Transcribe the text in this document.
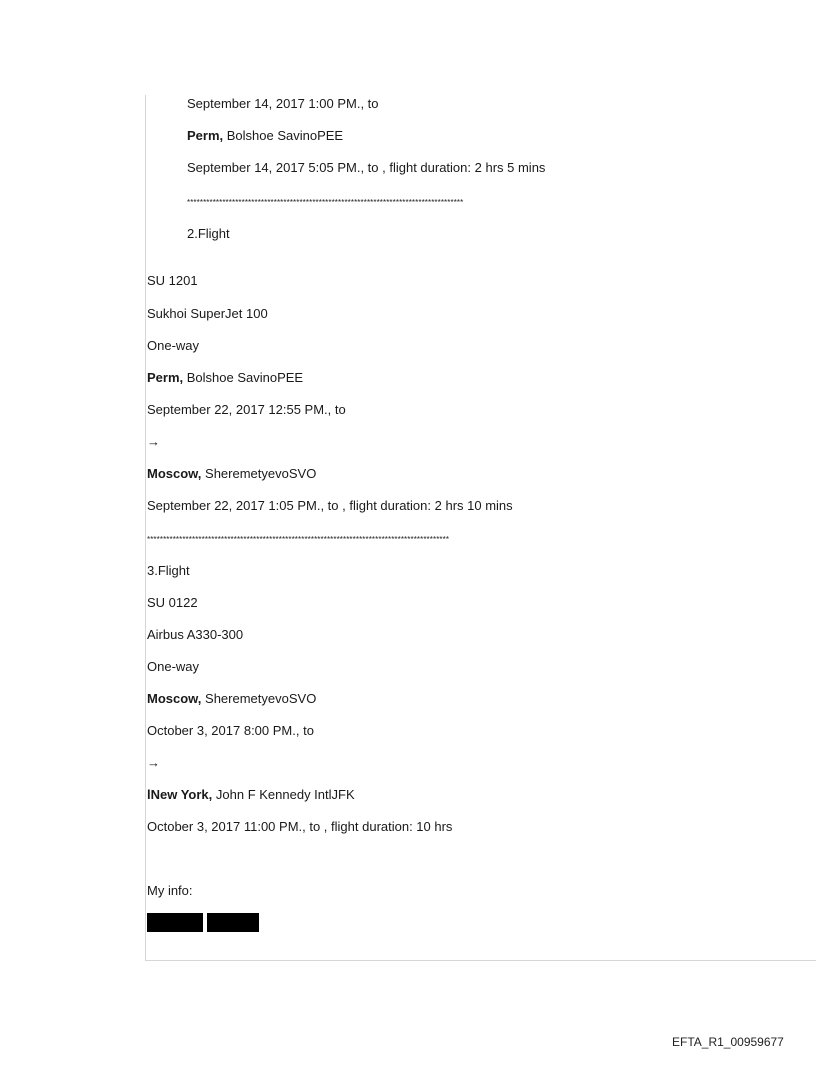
September 14, 2017 1:00 PM., to
Perm, Bolshoe SavinoPEE
September 14, 2017 5:05 PM., to , flight duration: 2 hrs 5 mins
**************************************************************************************
2.Flight
SU 1201
Sukhoi SuperJet 100
One-way
Perm, Bolshoe SavinoPEE
September 22, 2017 12:55 PM., to
→
Moscow, SheremetyevoSVO
September 22, 2017 1:05 PM., to , flight duration: 2 hrs 10 mins
**********************************************************************************************
3.Flight
SU 0122
Airbus A330-300
One-way
Moscow, SheremetyevoSVO
October 3, 2017 8:00 PM., to
→
lNew York, John F Kennedy IntlJFK
October 3, 2017 11:00 PM., to , flight duration: 10 hrs
My info:
EFTA_R1_00959677
